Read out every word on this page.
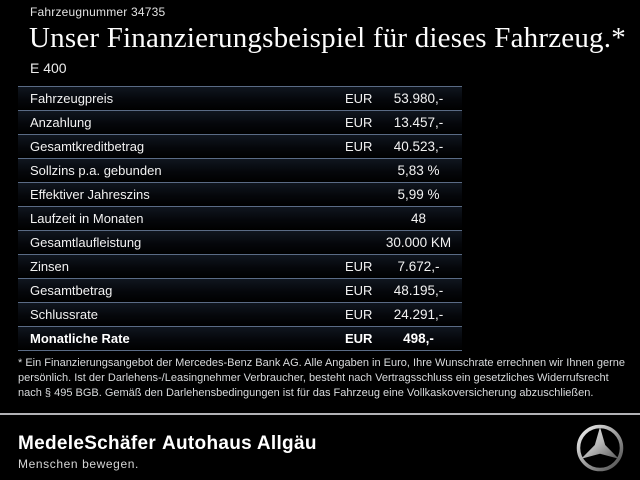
Fahrzeugnummer 34735
Unser Finanzierungsbeispiel für dieses Fahrzeug.*
E 400
Fahrzeugpreis	EUR	53.980,-
Anzahlung	EUR	13.457,-
Gesamtkreditbetrag	EUR	40.523,-
Sollzins p.a. gebunden	5,83 %
Effektiver Jahreszins	5,99 %
Laufzeit in Monaten	48
Gesamtlaufleistung	30.000 KM
Zinsen	EUR	7.672,-
Gesamtbetrag	EUR	48.195,-
Schlussrate	EUR	24.291,-
Monatliche Rate	EUR	498,-
* Ein Finanzierungsangebot der Mercedes-Benz Bank AG. Alle Angaben in Euro, Ihre Wunschrate errechnen wir Ihnen gerne persönlich. Ist der Darlehens-/Leasingnehmer Verbraucher, besteht nach Vertragsschluss ein gesetzliches Widerrufsrecht nach § 495 BGB. Gemäß den Darlehensbedingungen ist für das Fahrzeug eine Vollkaskoversicherung abzuschließen.
MedeleSchäfer Autohaus Allgäu
Menschen bewegen.
